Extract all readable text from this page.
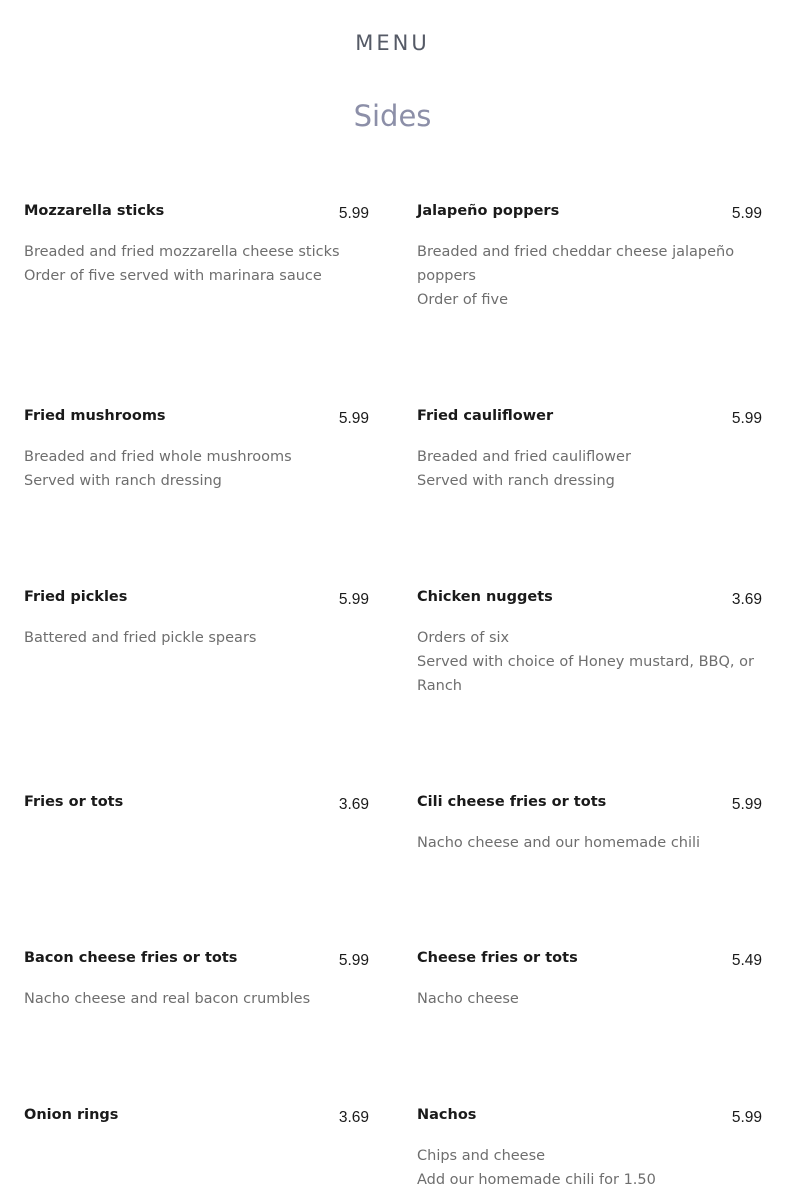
MENU
Sides
Mozzarella sticks	5.99
Breaded and fried mozzarella cheese sticks
Order of five served with marinara sauce
Jalapeño poppers	5.99
Breaded and fried cheddar cheese jalapeño
poppers
Order of five
Fried mushrooms	5.99
Breaded and fried whole mushrooms
Served with ranch dressing
Fried cauliflower	5.99
Breaded and fried cauliflower
Served with ranch dressing
Fried pickles	5.99
Battered and fried pickle spears
Chicken nuggets	3.69
Orders of six
Served with choice of Honey mustard, BBQ, or
Ranch
Fries or tots	3.69	Cili cheese fries or tots	5.99
Nacho cheese and our homemade chili
Bacon cheese fries or tots	5.99
Nacho cheese and real bacon crumbles
Cheese fries or tots	5.49
Nacho cheese
Onion rings	3.69	Nachos	5.99
Chips and cheese
Add our homemade chili for 1.50
